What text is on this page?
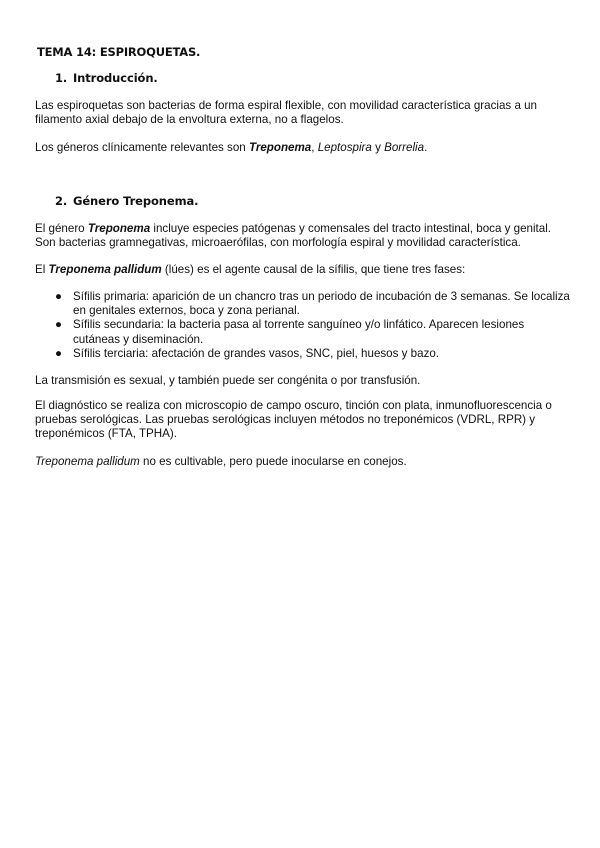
TEMA 14: ESPIROQUETAS.
1. Introducción.

Las espiroquetas son bacterias de forma espiral flexible, con movilidad característica gracias a un filamento axial debajo de la envoltura externa, no a flagelos.

Los géneros clínicamente relevantes son Treponema, Leptospira y Borrelia.

2. Género Treponema.

El género Treponema incluye especies patógenas y comensales del tracto intestinal, boca y genital. Son bacterias gramnegativas, microaerófilas, con morfología espiral y movilidad característica.

El Treponema pallidum (lúes) es el agente causal de la sífilis, que tiene tres fases:

● Sífilis primaria: aparición de un chancro tras un periodo de incubación de 3 semanas. Se localiza en genitales externos, boca y zona perianal.
● Sífilis secundaria: la bacteria pasa al torrente sanguíneo y/o linfático. Aparecen lesiones cutáneas y diseminación.
● Sífilis terciaria: afectación de grandes vasos, SNC, piel, huesos y bazo.

La transmisión es sexual, y también puede ser congénita o por transfusión.

El diagnóstico se realiza con microscopio de campo oscuro, tinción con plata, inmunofluorescencia o pruebas serológicas. Las pruebas serológicas incluyen métodos no treponémicos (VDRL, RPR) y treponémicos (FTA, TPHA).

Treponema pallidum no es cultivable, pero puede inocularse en conejos.
